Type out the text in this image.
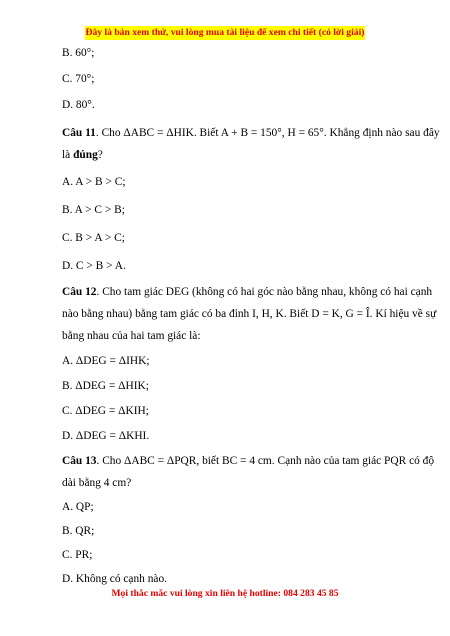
Đây là bản xem thử, vui lòng mua tài liệu để xem chi tiết (có lời giải)
B. 60°;
C. 70°;
D. 80°.
Câu 11. Cho ΔABC = ΔHIK. Biết A + B = 150°, H = 65°. Khẳng định nào sau đây
là đúng?
A. A > B > C;
B. A > C > B;
C. B > A > C;
D. C > B > A.
Câu 12. Cho tam giác DEG (không có hai góc nào bằng nhau, không có hai cạnh
nào bằng nhau) bằng tam giác có ba đỉnh I, H, K. Biết D = K, G = Î. Kí hiệu về sự
bằng nhau của hai tam giác là:
A. ΔDEG = ΔIHK;
B. ΔDEG = ΔHIK;
C. ΔDEG = ΔKIH;
D. ΔDEG = ΔKHI.
Câu 13. Cho ΔABC = ΔPQR, biết BC = 4 cm. Cạnh nào của tam giác PQR có độ
dài bằng 4 cm?
A. QP;
B. QR;
C. PR;
D. Không có cạnh nào.
Mọi thắc mắc vui lòng xin liên hệ hotline: 084 283 45 85
